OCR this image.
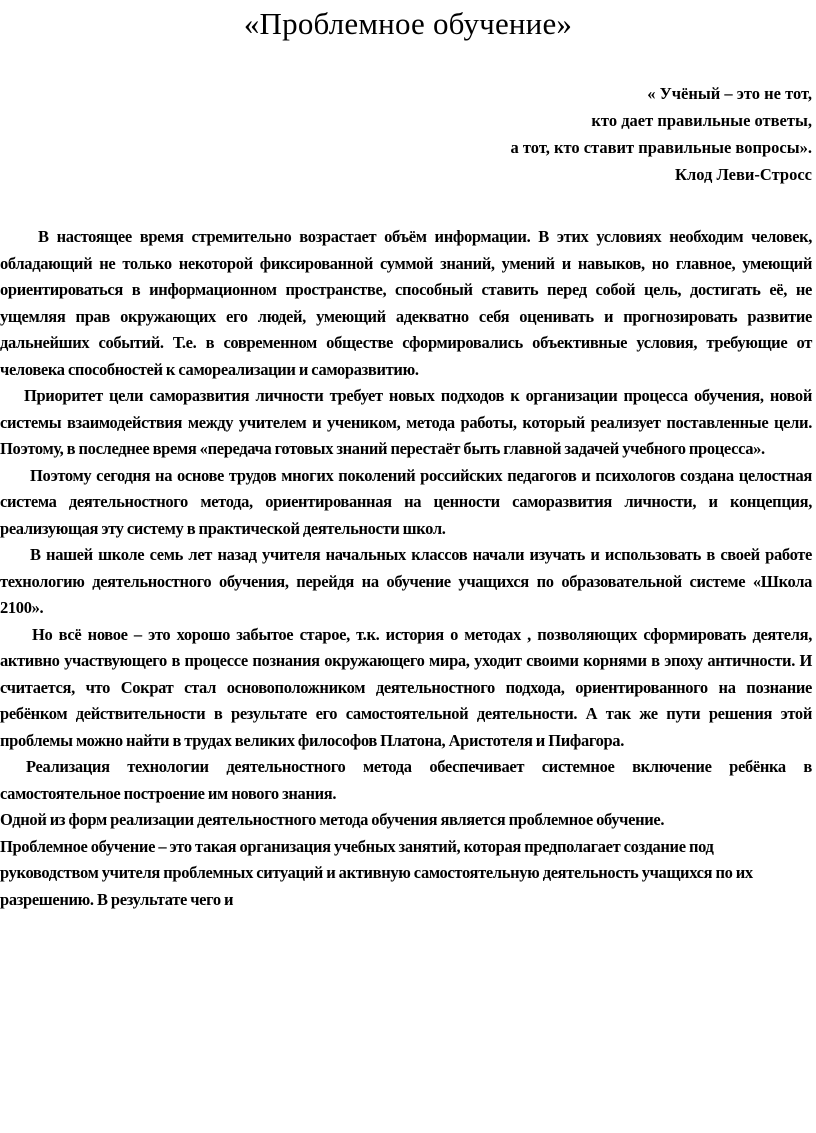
«Проблемное обучение»
« Учёный – это не тот,
кто дает правильные ответы,
а тот, кто ставит правильные вопросы».
Клод Леви-Стросс

В настоящее время стремительно возрастает объём информации. В этих условиях необходим человек, обладающий не только некоторой фиксированной суммой знаний, умений и навыков, но главное, умеющий ориентироваться в информационном пространстве, способный ставить перед собой цель, достигать её, не ущемляя прав окружающих его людей, умеющий адекватно себя оценивать и прогнозировать развитие дальнейших событий. Т.е. в современном обществе сформировались объективные условия, требующие от человека способностей к самореализации и саморазвитию.

Приоритет цели саморазвития личности требует новых подходов к организации процесса обучения, новой системы взаимодействия между учителем и учеником, метода работы, который реализует поставленные цели. Поэтому, в последнее время «передача готовых знаний перестаёт быть главной задачей учебного процесса».

Поэтому сегодня на основе трудов многих поколений российских педагогов и психологов создана целостная система деятельностного метода, ориентированная на ценности саморазвития личности, и концепция, реализующая эту систему в практической деятельности школ.

В нашей школе семь лет назад учителя начальных классов начали изучать и использовать в своей работе технологию деятельностного обучения, перейдя на обучение учащихся по образовательной системе «Школа 2100».

Но всё новое – это хорошо забытое старое, т.к. история о методах , позволяющих сформировать деятеля, активно участвующего в процессе познания окружающего мира, уходит своими корнями в эпоху античности. И считается, что Сократ стал основоположником деятельностного подхода, ориентированного на познание ребёнком действительности в результате его самостоятельной деятельности. А так же пути решения этой проблемы можно найти в трудах великих философов Платона, Аристотеля и Пифагора.

Реализация технологии деятельностного метода обеспечивает системное включение ребёнка в самостоятельное построение им нового знания.

Одной из форм реализации деятельностного метода обучения является проблемное обучение.

Проблемное обучение – это такая организация учебных занятий, которая предполагает создание под руководством учителя проблемных ситуаций и активную самостоятельную деятельность учащихся по их разрешению. В результате чего и
